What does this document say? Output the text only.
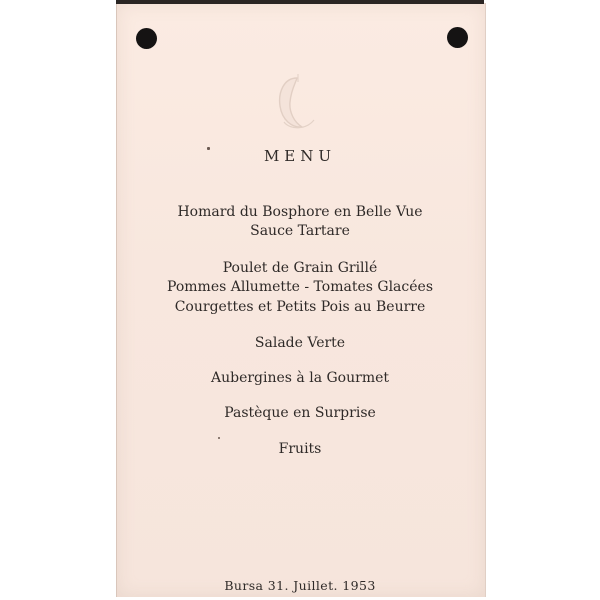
MENU
Homard du Bosphore en Belle Vue
Sauce Tartare
Poulet de Grain Grillé
Pommes Allumette - Tomates Glacées
Courgettes et Petits Pois au Beurre
Salade Verte
Aubergines à la Gourmet
Pastèque en Surprise
Fruits
Bursa 31. Juillet. 1953
